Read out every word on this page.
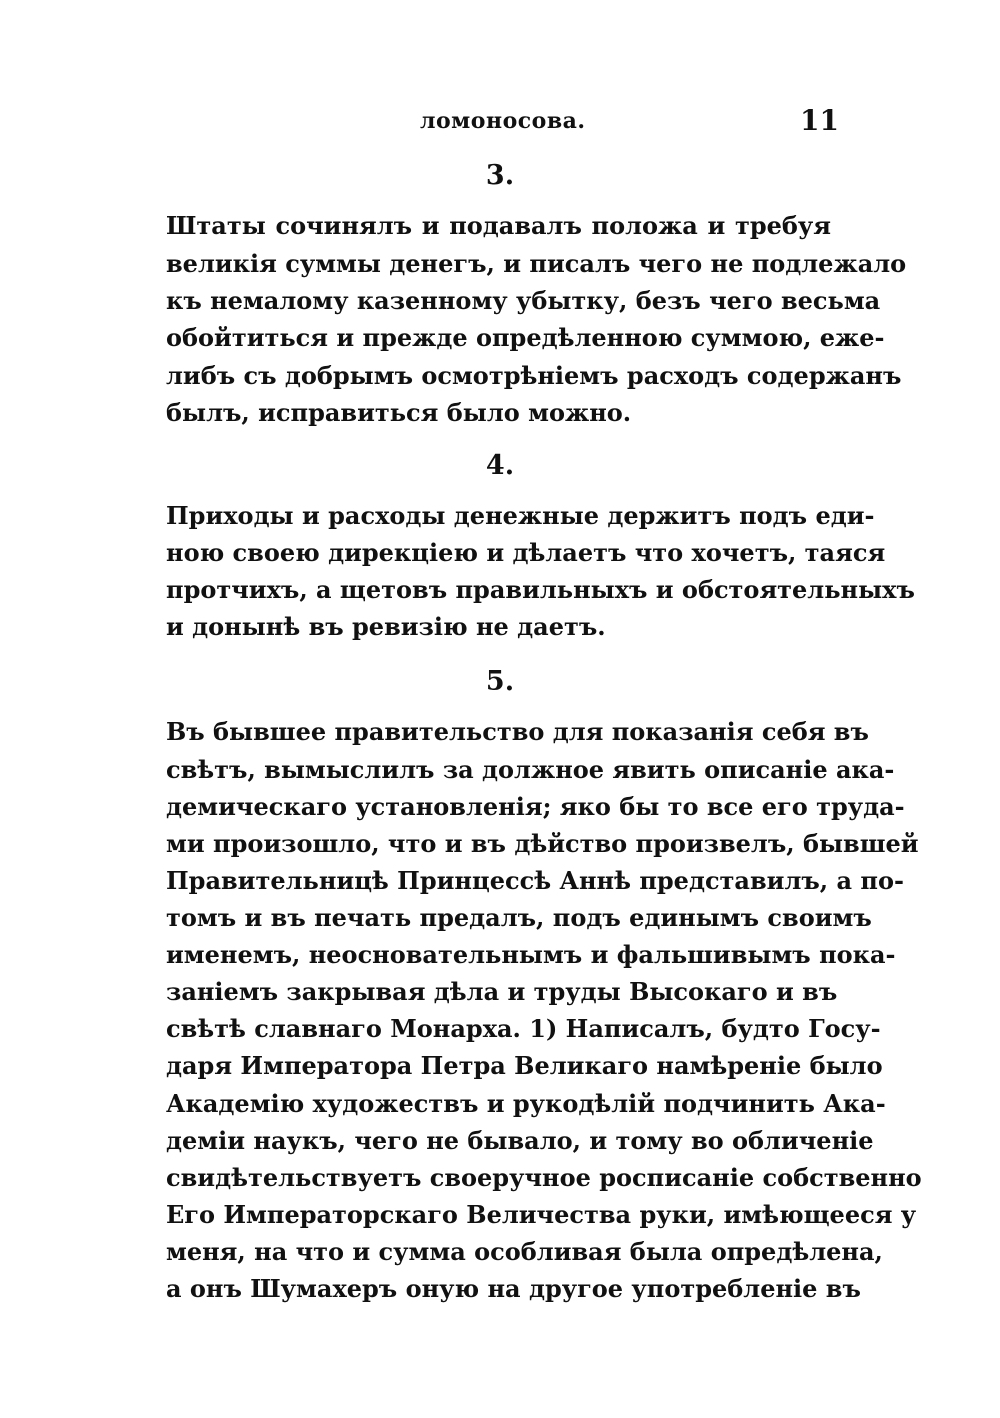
ломоносова.	11
3.
Штаты сочинялъ и подавалъ положа и требуя
великія суммы денегъ, и писалъ чего не подлежало
къ немалому казенному убытку, безъ чего весьма
обойтиться и прежде опредѣленною суммою, еже-
либъ съ добрымъ осмотрѣніемъ расходъ содержанъ
былъ, исправиться было можно.
4.
Приходы и расходы денежные держитъ подъ еди-
ною своею дирекціею и дѣлаетъ что хочетъ, таяся
протчихъ, а щетовъ правильныхъ и обстоятельныхъ
и донынѣ въ ревизію не даетъ.
5.
Въ бывшее правительство для показанія себя въ
свѣтъ, вымыслилъ за должное явить описаніе ака-
демическаго установленія; яко бы то все его труда-
ми произошло, что и въ дѣйство произвелъ, бывшей
Правительницѣ Принцессѣ Аннѣ представилъ, а по-
томъ и въ печать предалъ, подъ единымъ своимъ
именемъ, неосновательнымъ и фальшивымъ пока-
заніемъ закрывая дѣла и труды Высокаго и въ
свѣтѣ славнаго Монарха. 1) Написалъ, будто Госу-
даря Императора Петра Великаго намѣреніе было
Академію художествъ и рукодѣлій подчинить Ака-
деміи наукъ, чего не бывало, и тому во обличеніе
свидѣтельствуетъ своеручное росписаніе собственно
Его Императорскаго Величества руки, имѣющееся у
меня, на что и сумма особливая была опредѣлена,
а онъ Шумахеръ оную на другое употребленіе въ
